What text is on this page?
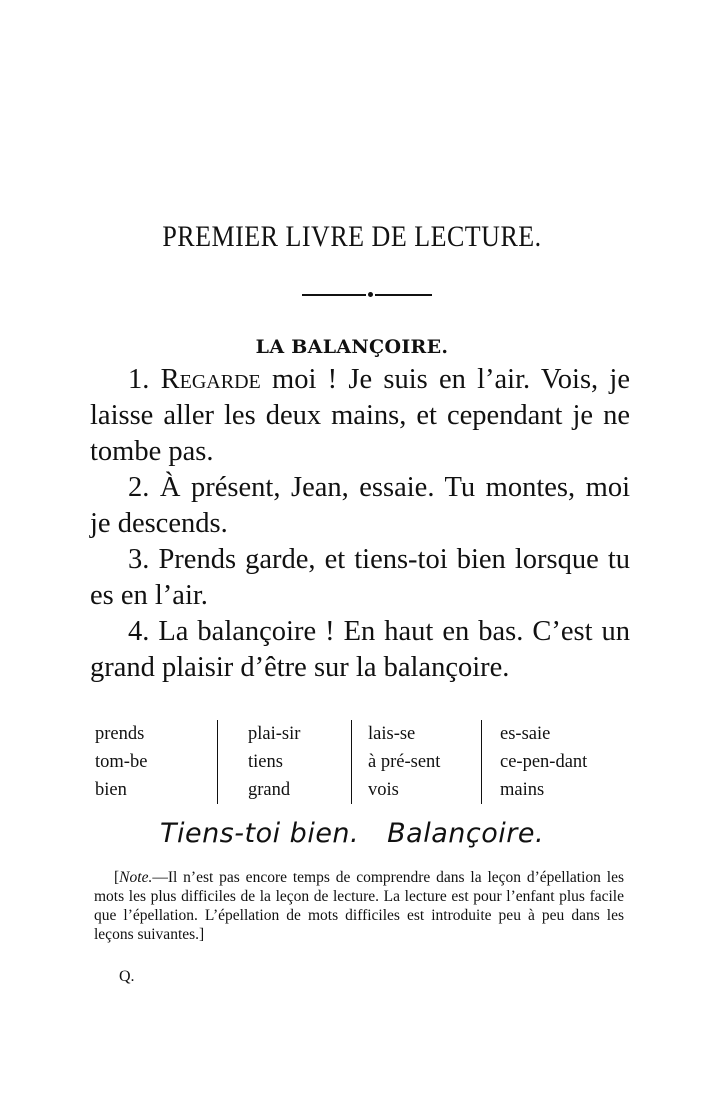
PREMIER LIVRE DE LECTURE.
LA BALANÇOIRE.

1. Regarde moi ! Je suis en l’air. Vois, je laisse aller les deux mains, et cependant je ne tombe pas.

2. À présent, Jean, essaie. Tu montes, moi je descends.

3. Prends garde, et tiens-toi bien lorsque tu es en l’air.

4. La balançoire ! En haut en bas. C’est un grand plaisir d’être sur la balançoire.

prends
tom-be
bien
plai-sir
tiens
grand
lais-se
à pré-sent
vois
es-saie
ce-pen-dant
mains
Tiens-toi bien. Balançoire.
[Note.—Il n’est pas encore temps de comprendre dans la leçon d’épellation les mots les plus difficiles de la leçon de lecture. La lecture est pour l’enfant plus facile que l’épellation. L’épellation de mots difficiles est introduite peu à peu dans les leçons suivantes.]
Q.
